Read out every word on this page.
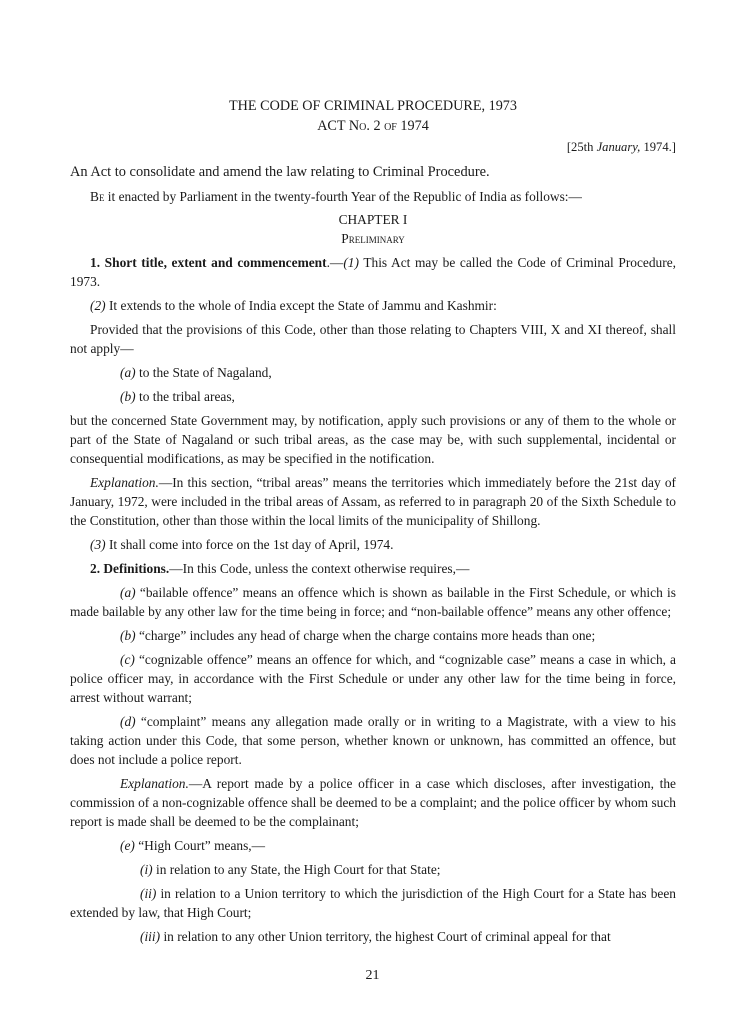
THE CODE OF CRIMINAL PROCEDURE, 1973
ACT No. 2 of 1974
[25th January, 1974.]

An Act to consolidate and amend the law relating to Criminal Procedure.

Be it enacted by Parliament in the twenty-fourth Year of the Republic of India as follows:—

CHAPTER I
Preliminary

1. Short title, extent and commencement.—(1) This Act may be called the Code of Criminal Procedure, 1973.

(2) It extends to the whole of India except the State of Jammu and Kashmir:

Provided that the provisions of this Code, other than those relating to Chapters VIII, X and XI thereof, shall not apply—

(a) to the State of Nagaland,

(b) to the tribal areas,

but the concerned State Government may, by notification, apply such provisions or any of them to the whole or part of the State of Nagaland or such tribal areas, as the case may be, with such supplemental, incidental or consequential modifications, as may be specified in the notification.

Explanation.—In this section, “tribal areas” means the territories which immediately before the 21st day of January, 1972, were included in the tribal areas of Assam, as referred to in paragraph 20 of the Sixth Schedule to the Constitution, other than those within the local limits of the municipality of Shillong.

(3) It shall come into force on the 1st day of April, 1974.

2. Definitions.—In this Code, unless the context otherwise requires,—

(a) “bailable offence” means an offence which is shown as bailable in the First Schedule, or which is made bailable by any other law for the time being in force; and “non-bailable offence” means any other offence;

(b) “charge” includes any head of charge when the charge contains more heads than one;

(c) “cognizable offence” means an offence for which, and “cognizable case” means a case in which, a police officer may, in accordance with the First Schedule or under any other law for the time being in force, arrest without warrant;

(d) “complaint” means any allegation made orally or in writing to a Magistrate, with a view to his taking action under this Code, that some person, whether known or unknown, has committed an offence, but does not include a police report.

Explanation.—A report made by a police officer in a case which discloses, after investigation, the commission of a non-cognizable offence shall be deemed to be a complaint; and the police officer by whom such report is made shall be deemed to be the complainant;

(e) “High Court” means,—

(i) in relation to any State, the High Court for that State;

(ii) in relation to a Union territory to which the jurisdiction of the High Court for a State has been extended by law, that High Court;

(iii) in relation to any other Union territory, the highest Court of criminal appeal for that

21
